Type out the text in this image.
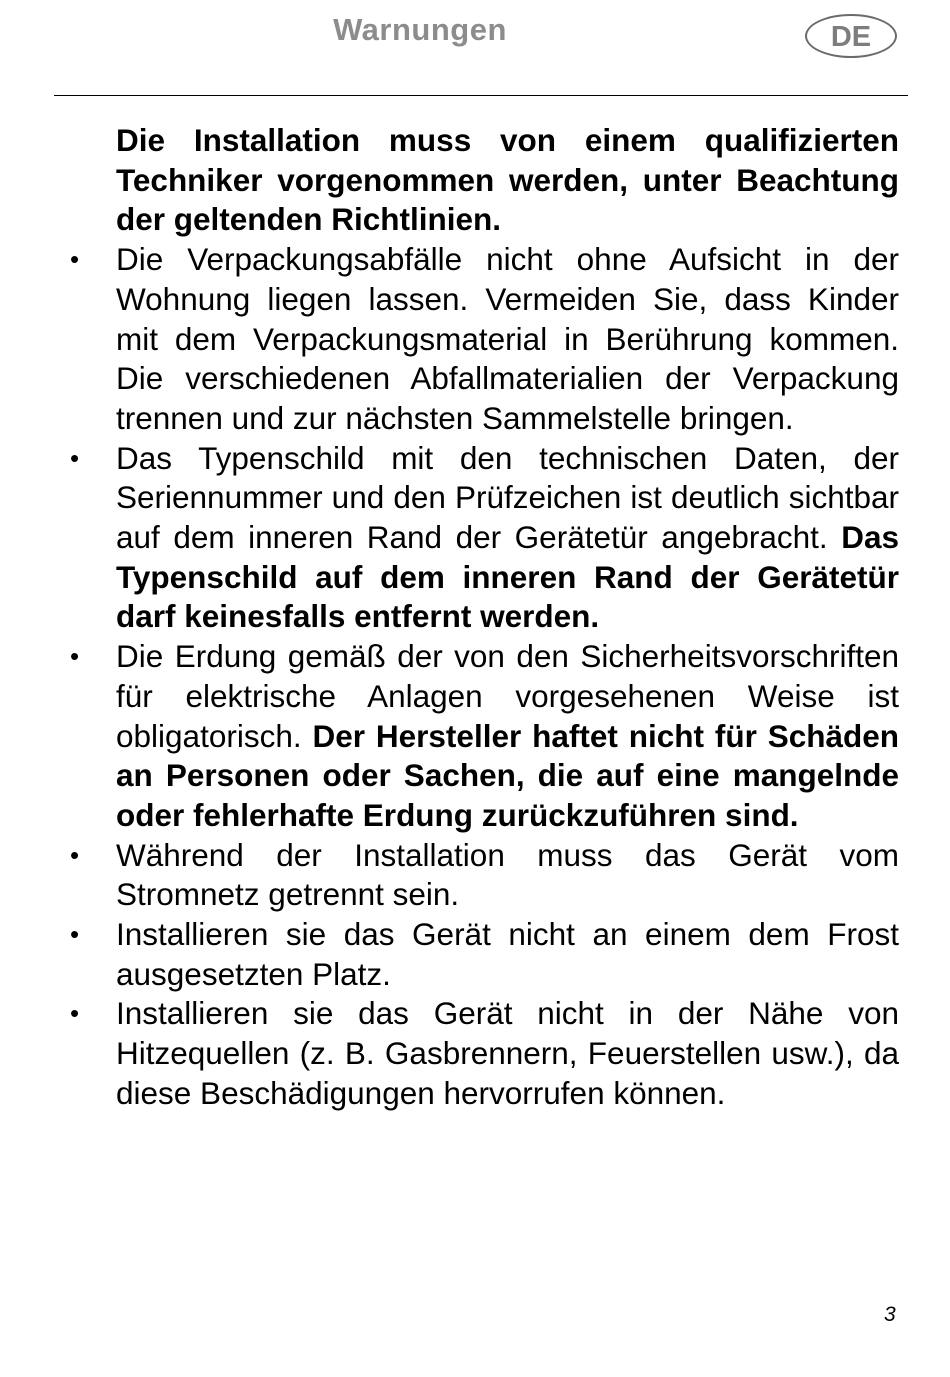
Warnungen	DE

Die Installation muss von einem qualifizierten Techniker vorgenommen werden, unter Beachtung der geltenden Richtlinien.

• Die Verpackungsabfälle nicht ohne Aufsicht in der Wohnung liegen lassen. Vermeiden Sie, dass Kinder mit dem Verpackungsmaterial in Berührung kommen. Die verschiedenen Abfallmaterialien der Verpackung trennen und zur nächsten Sammelstelle bringen.

• Das Typenschild mit den technischen Daten, der Seriennummer und den Prüfzeichen ist deutlich sichtbar auf dem inneren Rand der Gerätetür angebracht. Das Typenschild auf dem inneren Rand der Gerätetür darf keinesfalls entfernt werden.

• Die Erdung gemäß der von den Sicherheitsvorschriften für elektrische Anlagen vorgesehenen Weise ist obligatorisch. Der Hersteller haftet nicht für Schäden an Personen oder Sachen, die auf eine mangelnde oder fehlerhafte Erdung zurückzuführen sind.

• Während der Installation muss das Gerät vom Stromnetz getrennt sein.

• Installieren sie das Gerät nicht an einem dem Frost ausgesetzten Platz.

• Installieren sie das Gerät nicht in der Nähe von Hitzequellen (z. B. Gasbrennern, Feuerstellen usw.), da diese Beschädigungen hervorrufen können.

3
